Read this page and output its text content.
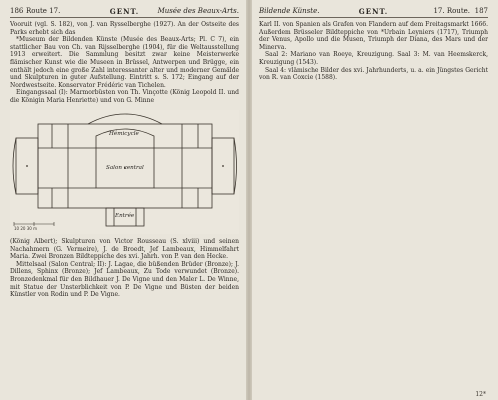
186 Route 17.	GENT.	Musée des Beaux-Arts.

Vooruit (vgl. S. 182), von J. van Rysselberghe (1927). An der Ostseite des Parks erhebt sich das

*Museum der Bildenden Künste (Musée des Beaux-Arts; Pl. C 7), ein stattlicher Bau von Ch. van Rijsselberghe (1904), für die Weltausstellung 1913 erweitert. Die Sammlung besitzt zwar keine Meisterwerke flämischer Kunst wie die Museen in Brüssel, Antwerpen und Brügge, ein enthält jedoch eine große Zahl interessanter alter und moderner Gemälde und Skulpturen in guter Aufstellung. Eintritt s. S. 172; Eingang auf der Nordwestseite. Konservator Frédéric van Tichelen.

Eingangssaal (I): Marmorbüsten von Th. Vinçotte (König Leopold II. und die Königin Maria Henriette) und von G. Minne

Hémicycle
Salon central
Entrée
10 20 30 m

(König Albert); Skulpturen von Victor Rousseau (S. xlviii) und seinen Nachahmern (G. Vermeire), J. de Broedt, Jef Lambeaux, Himmelfahrt Maria. Zwei Bronzen Bildteppiche des xvi. Jahrh. von P. van den Hecke.

Mittelsaal (Salon Central; II): J. Lagae, die büßenden Brüder (Bronze); J. Dillens, Sphinx (Bronze); Jef Lambeaux, Zu Tode verwundet (Bronze). Bronzedenkmal für den Bildhauer J. De Vigne und den Maler L. De Winne, mit Statue der Unsterblichkeit von P. De Vigne und Büsten der beiden Künstler von Rodin und P. De Vigne.

Bildende Künste.	GENT.	17. Route. 187

Karl II. von Spanien als Grafen von Flandern auf dem Freitagsmarkt 1666. Außerdem Brüsseler Bildteppiche von *Urbain Leyniers (1717), Triumph der Venus, Apollo und die Musen, Triumph der Diana, des Mars und der Minerva.

Saal 2: Mariano van Roeye, Kreuzigung. Saal 3: M. van Heemskerck, Kreuzigung (1543).

Saal 4: vlämische Bilder des xvi. Jahrhunderts, u. a. ein Jüngstes Gericht von R. van Coxcie (1588).

12*
